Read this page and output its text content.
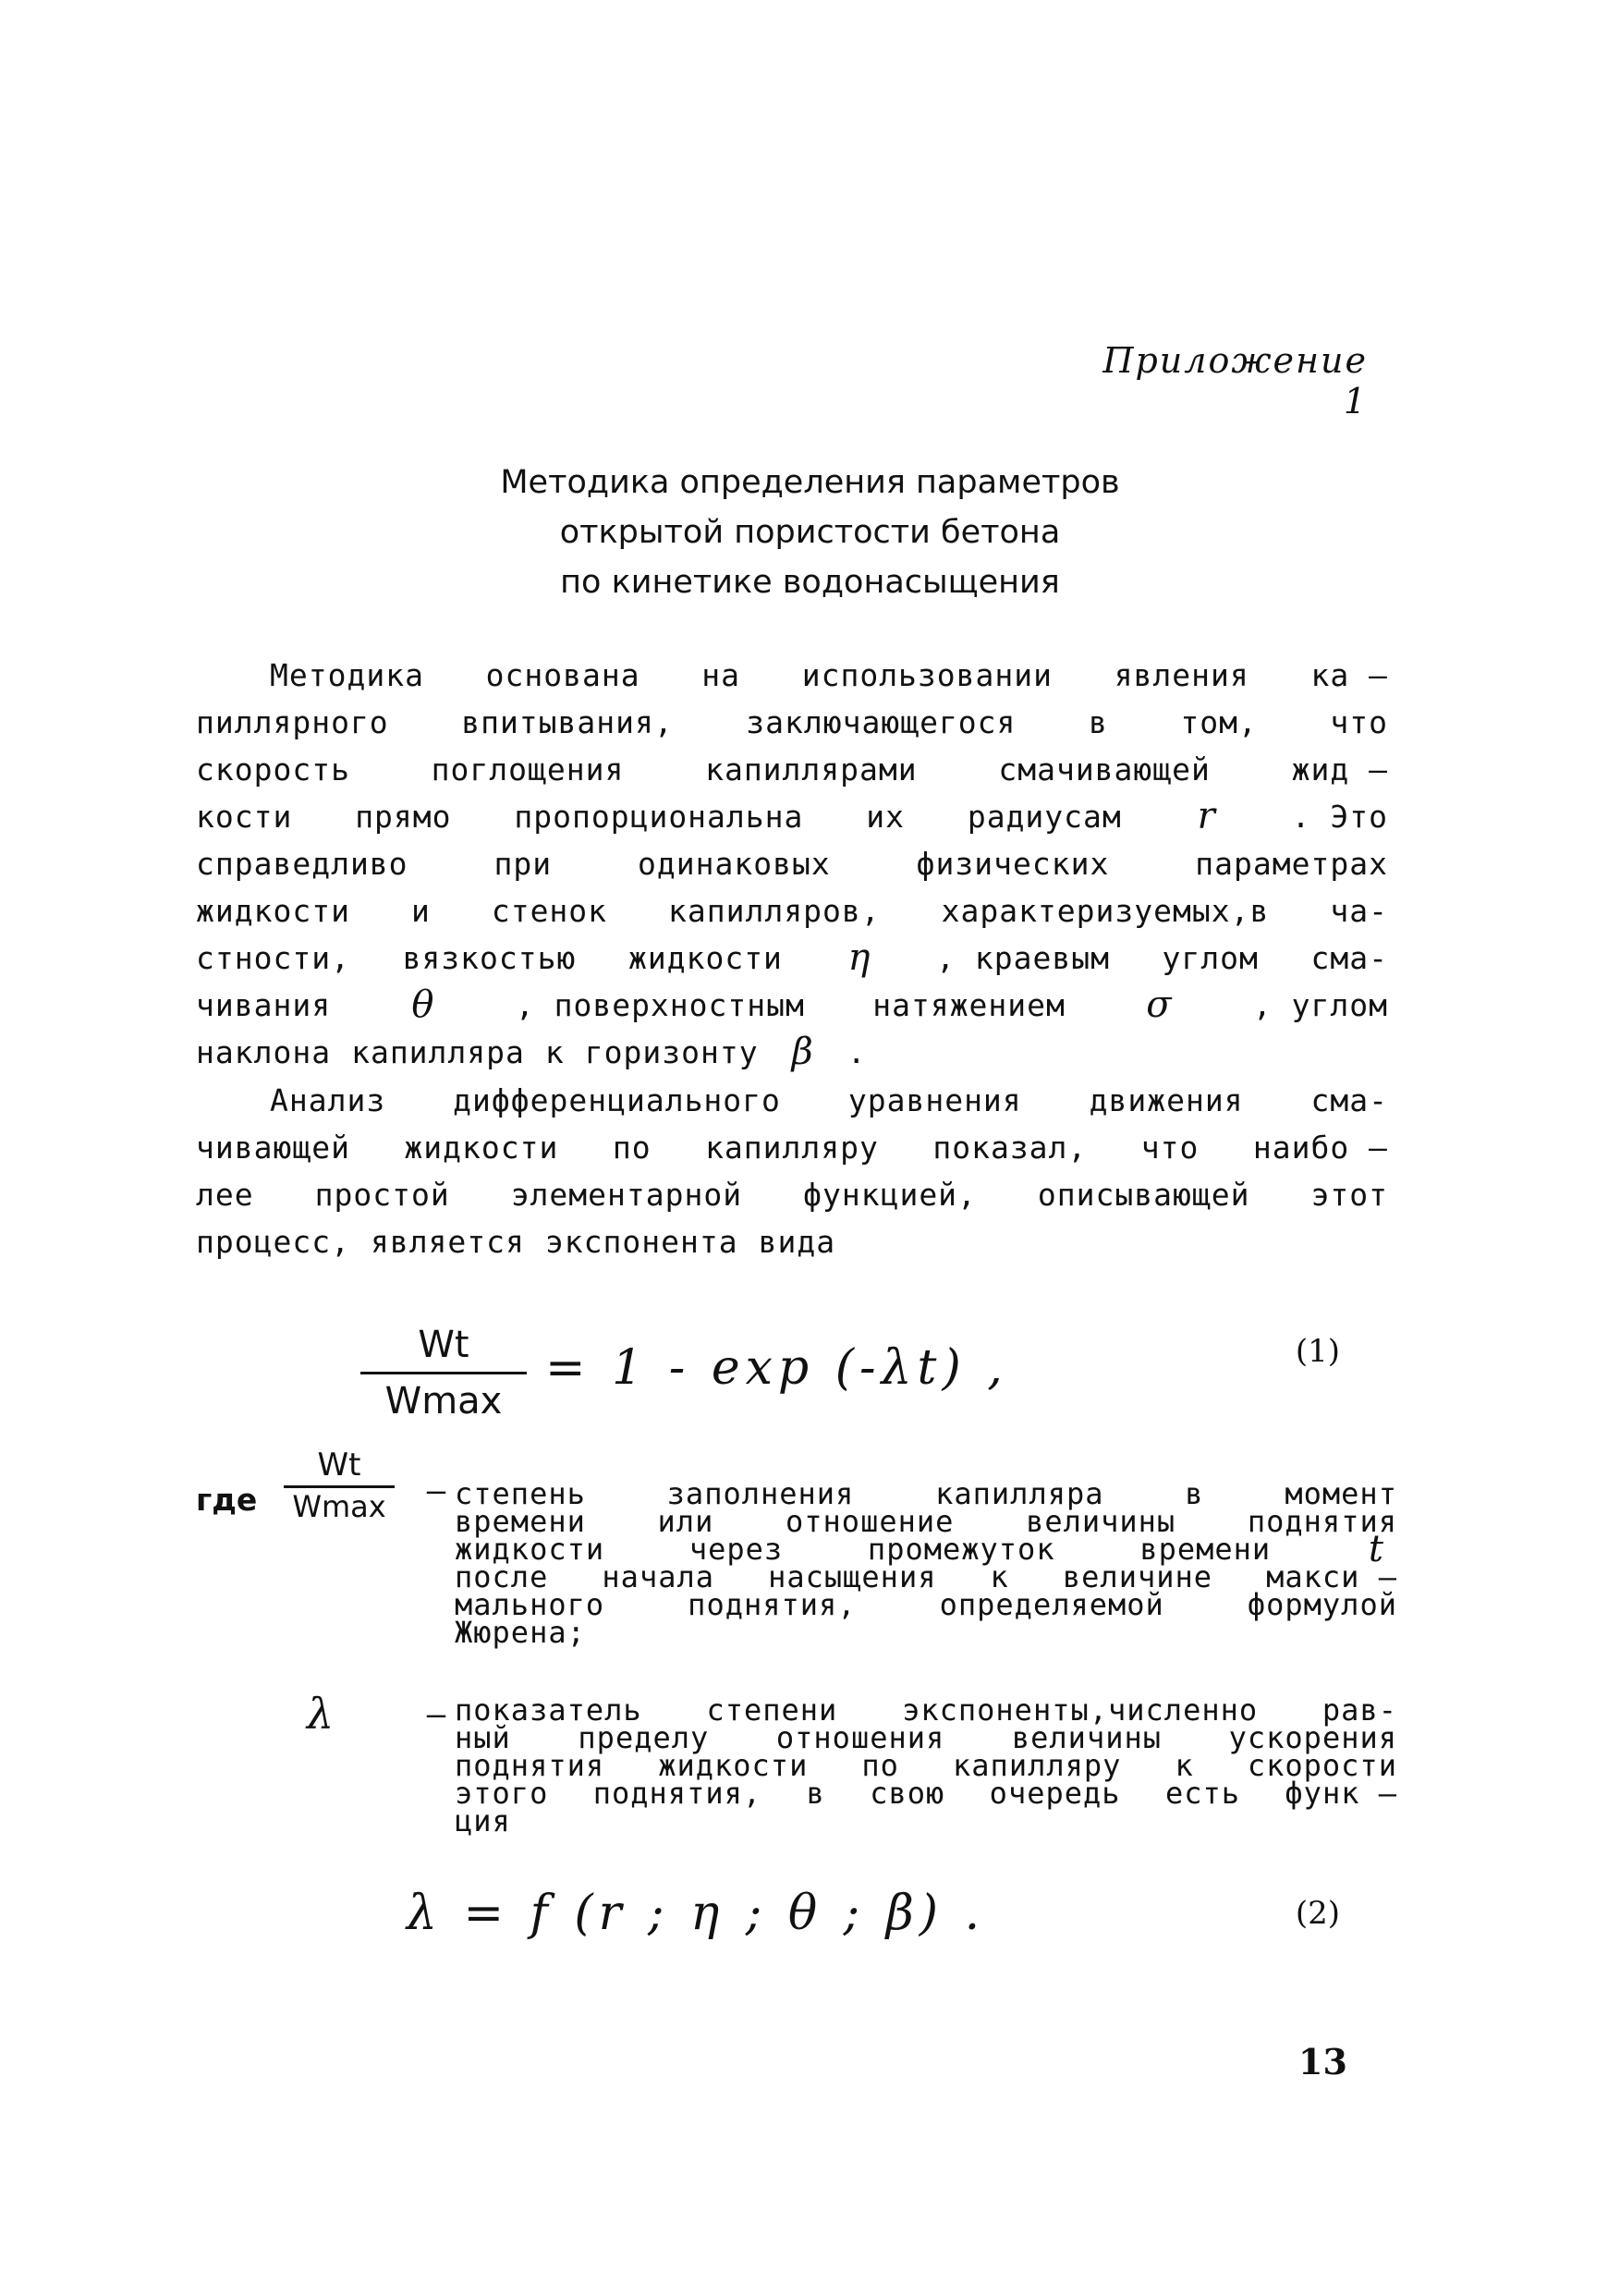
Приложение 1
Методика определения параметров
открытой пористости бетона
по кинетике водонасыщения
Методика основана на использовании явления ка –
пиллярного впитывания, заключающегося в том, что
скорость	поглощения	капиллярами	смачивающей	жид –
кости прямо пропорциональна их радиусам	r	. Это
справедливо	при	одинаковых	физических	параметрах
жидкости и стенок капилляров, характеризуемых,в ча-
стности, вязкостью жидкости	η	, краевым углом сма-
чивания	θ	, поверхностным натяжением	σ	, углом
наклона капилляра к горизонту β	.
Анализ дифференциального уравнения движения сма-
чивающей жидкости по капилляру показал, что наибо –
лее простой элементарной функцией, описывающей этот
процесс, является экспонента вида
Wt
Wmax
= 1 - exp (-λt) ,	(1)
где
Wt
Wmax – степень	заполнения	капилляра	в	момент
времени или отношение величины поднятия
жидкости	через	промежуток	времени	t
после начала насыщения к величине макси –
мального	поднятия,	определяемой	формулой
Жюрена;
λ	– показатель степени экспоненты,численно рав-
ный пределу отношения величины ускорения
поднятия жидкости по капилляру к скорости
этого поднятия, в свою очередь есть функ –
ция
λ = f (r ; η ; θ ; β) .	(2)
13
